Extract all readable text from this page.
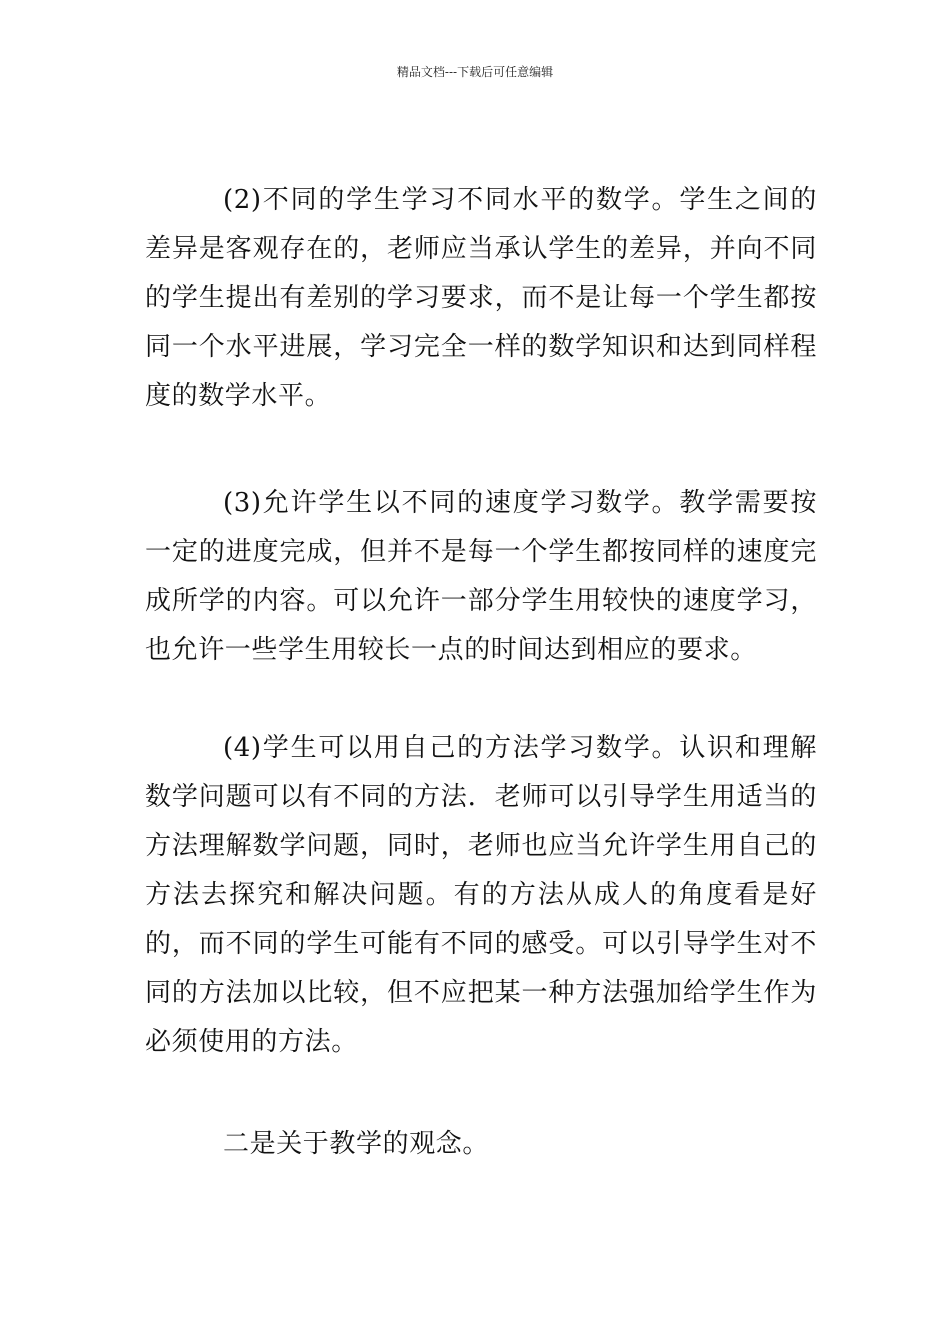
精品文档---下载后可任意编辑

(2)不同的学生学习不同水平的数学。学生之间的差异是客观存在的，老师应当承认学生的差异，并向不同的学生提出有差别的学习要求，而不是让每一个学生都按同一个水平进展，学习完全一样的数学知识和达到同样程度的数学水平。

(3)允许学生以不同的速度学习数学。教学需要按一定的进度完成，但并不是每一个学生都按同样的速度完成所学的内容。可以允许一部分学生用较快的速度学习，也允许一些学生用较长一点的时间达到相应的要求。

(4)学生可以用自己的方法学习数学。认识和理解数学问题可以有不同的方法．老师可以引导学生用适当的方法理解数学问题，同时，老师也应当允许学生用自己的方法去探究和解决问题。有的方法从成人的角度看是好的，而不同的学生可能有不同的感受。可以引导学生对不同的方法加以比较，但不应把某一种方法强加给学生作为必须使用的方法。

二是关于教学的观念。
